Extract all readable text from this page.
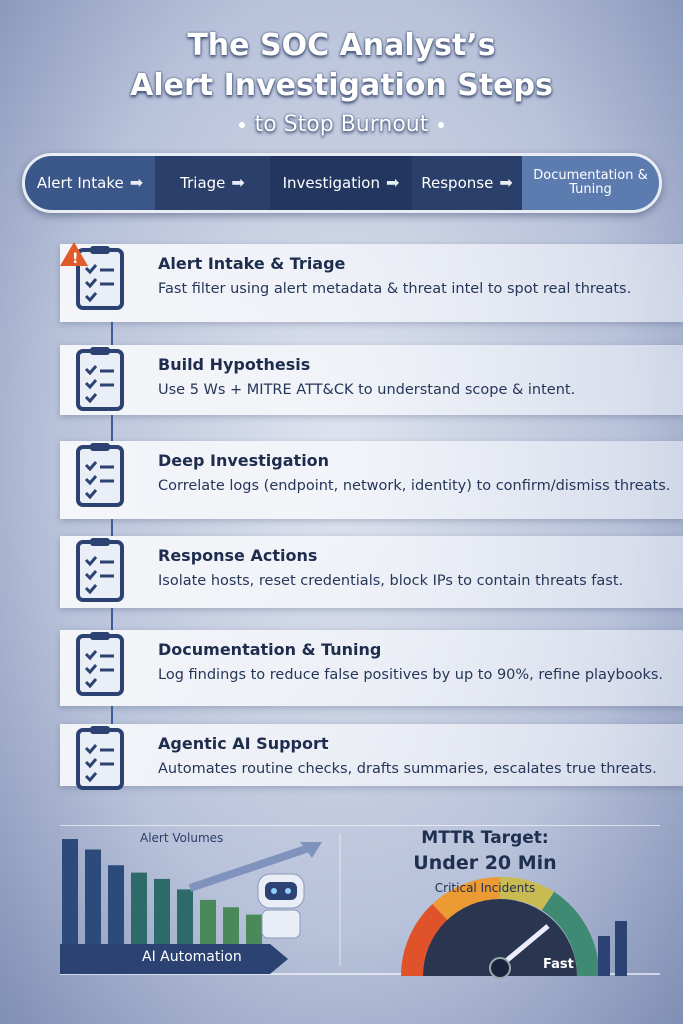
The SOC Analyst’s
Alert Investigation Steps
to Stop Burnout
Alert Intake ➡ Triage ➡	Investigation ➡ Response ➡ Documentation & Tuning
!	Alert Intake & Triage

Fast filter using alert metadata & threat intel to spot real threats.

Build Hypothesis

Use 5 Ws + MITRE ATT&CK to understand scope & intent.

Deep Investigation

Correlate logs (endpoint, network, identity) to confirm/dismiss threats.

Response Actions

Isolate hosts, reset credentials, block IPs to contain threats fast.

Documentation & Tuning

Log findings to reduce false positives by up to 90%, refine playbooks.

Agentic AI Support

Automates routine checks, drafts summaries, escalates true threats.

Alert Volumes
AI Automation
MTTR Target:
Under 20 Min
Critical Incidents
Fast
